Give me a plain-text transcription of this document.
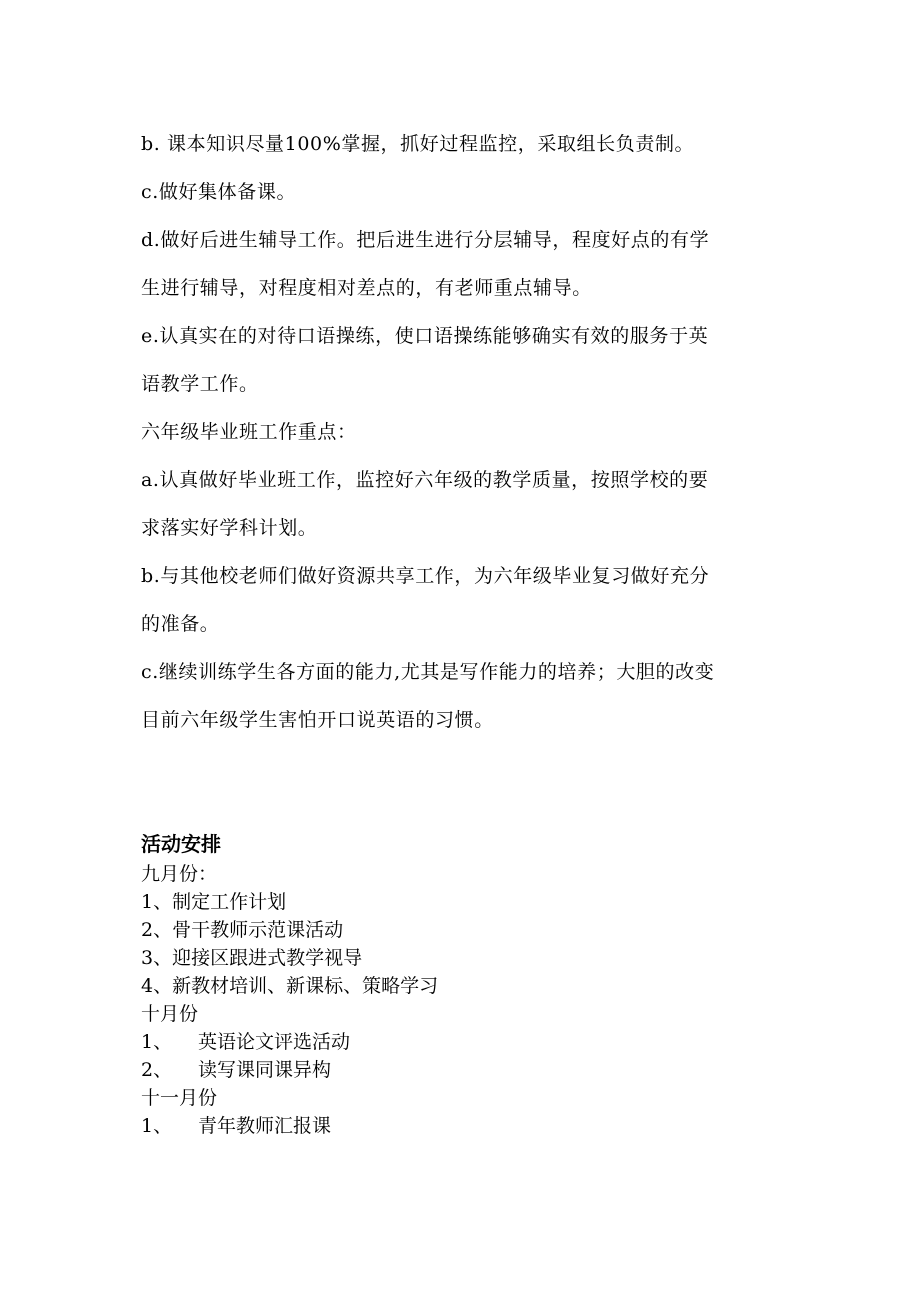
b. 课本知识尽量100%掌握，抓好过程监控，采取组长负责制。

c.做好集体备课。

d.做好后进生辅导工作。把后进生进行分层辅导，程度好点的有学

生进行辅导，对程度相对差点的，有老师重点辅导。

e.认真实在的对待口语操练，使口语操练能够确实有效的服务于英

语教学工作。

六年级毕业班工作重点：

a.认真做好毕业班工作，监控好六年级的教学质量，按照学校的要

求落实好学科计划。

b.与其他校老师们做好资源共享工作，为六年级毕业复习做好充分

的准备。

c.继续训练学生各方面的能力,尤其是写作能力的培养；大胆的改变

目前六年级学生害怕开口说英语的习惯。

活动安排

九月份：

1、制定工作计划

2、骨干教师示范课活动

3、迎接区跟进式教学视导

4、新教材培训、新课标、策略学习

十月份

1、 英语论文评选活动

2、 读写课同课异构

十一月份

1、 青年教师汇报课
